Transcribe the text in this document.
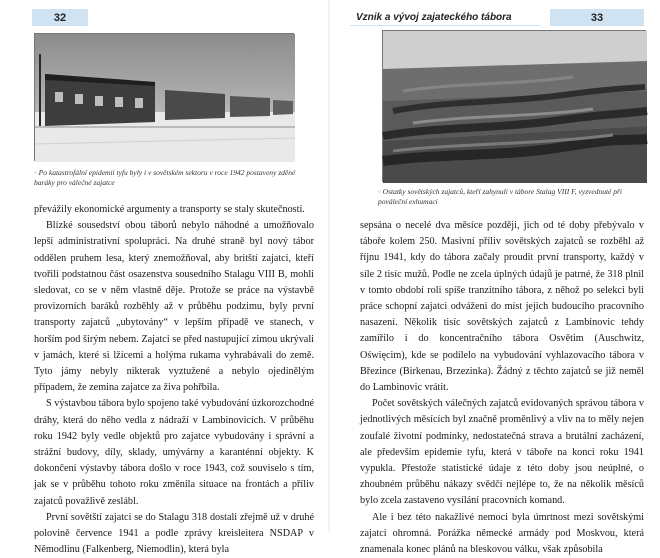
32
▫ Po katastrofální epidemii tyfu byly i v sovětském sektoru v roce 1942 postaveny zděné baráky pro válečné zajatce

převážily ekonomické argumenty a transporty se staly skutečností.

Blízké sousedství obou táborů nebylo náhodné a umožňovalo lepší administrativní spolupráci. Na druhé straně byl nový tábor oddělen pruhem lesa, který znemožňoval, aby britští zajatci, kteří tvořili podstatnou část osazenstva sousedního Stalagu VIII B, mohli sledovat, co se v něm vlastně děje. Protože se práce na výstavbě provizorních baráků rozběhly až v průběhu podzimu, byly první transporty zajatců „ubytovány“ v lepším případě ve stanech, v horším pod širým nebem. Zajatci se před nastupující zimou ukrývali v jamách, které si lžícemi a holýma rukama vyhrabávali do země. Tyto jámy nebyly nikterak vyztužené a nebylo ojedinělým případem, že zemina zajatce za živa pohřbila.

S výstavbou tábora bylo spojeno také vybudování úzkorozchodné dráhy, která do něho vedla z nádraží v Lambinovicích. V průběhu roku 1942 byly vedle objektů pro zajatce vybudovány i správní a strážní budovy, díly, sklady, umývárny a karanténní objekty. K dokončení výstavby tábora došlo v roce 1943, což souviselo s tím, jak se v průběhu tohoto roku změnila situace na frontách a příliv zajatců považlivě zeslábl.

První sovětští zajatci se do Stalagu 318 dostali zřejmě už v druhé polovině července 1941 a podle zprávy kreisleitera NSDAP v Němodlinu (Falkenberg, Niemodlin), která byla

Vznik a vývoj zajateckého tábora	33
▫ Ostatky sovětských zajatců, kteří zahynuli v tábore Stalag VIII F, vyzvednuté při pováleční exhumaci

sepsána o necelé dva měsíce později, jich od té doby přebývalo v táboře kolem 250. Masivní příliv sovětských zajatců se rozběhl až říjnu 1941, kdy do tábora začaly proudit první transporty, každý v síle 2 tisíc mužů. Podle ne zcela úplných údajů je patrné, že 318 plnil v tomto období roli spíše tranzitního tábora, z něhož po selekci byli práce schopní zajatci odváženi do míst jejich budoucího pracovního nasazení. Několik tisíc sovětských zajatců z Lambinovic tehdy zamířilo i do koncentračního tábora Osvětim (Auschwitz, Oświęcim), kde se podílelo na vybudování vyhlazovacího tábora v Březince (Birkenau, Brzezinka). Žádný z těchto zajatců se již neměl do Lambinovic vrátit.

Počet sovětských válečných zajatců evidovaných správou tábora v jednotlivých měsících byl značně proměnlivý a vliv na to měly nejen zoufalé životní podmínky, nedostatečná strava a brutální zacházení, ale především epidemie tyfu, která v táboře na konci roku 1941 vypukla. Přestože statistické údaje z této doby jsou neúplné, o zhoubném průběhu nákazy svědčí nejlépe to, že na několik měsíců bylo zcela zastaveno vysílání pracovních komand.

Ale i bez této nakažlivé nemoci byla úmrtnost mezi sovětskými zajatci ohromná. Porážka německé armády pod Moskvou, která znamenala konec plánů na bleskovou válku, však způsobila
